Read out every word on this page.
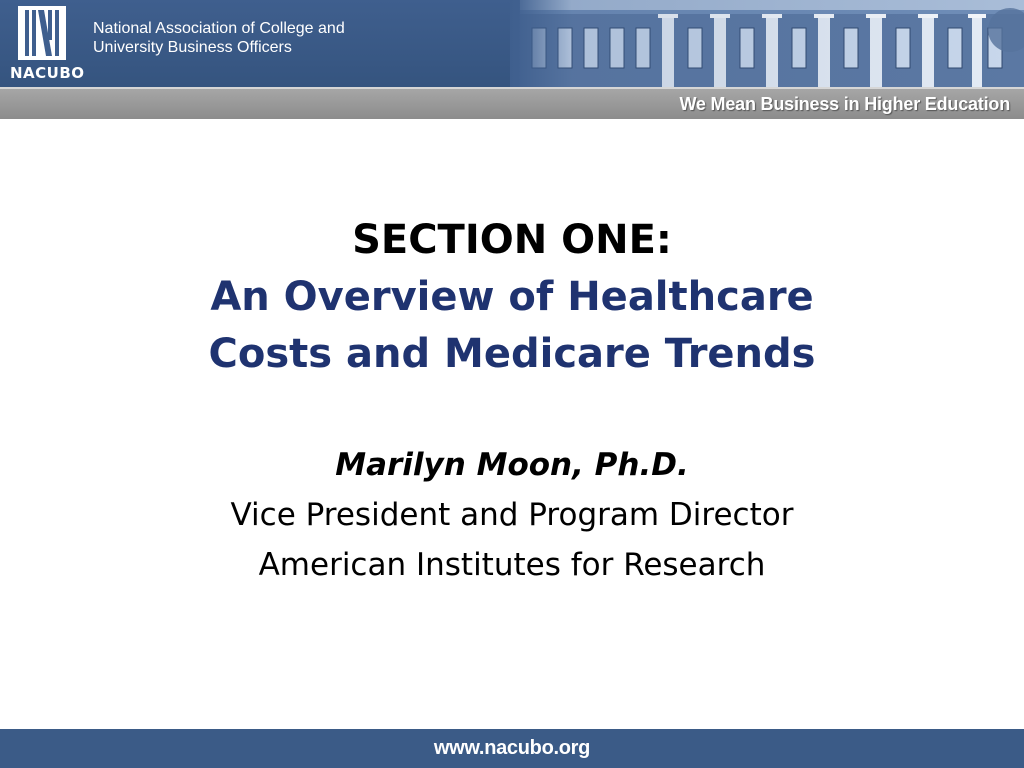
NACUBO
National Association of College and
University Business Officers
We Mean Business in Higher Education
SECTION ONE:
An Overview of Healthcare
Costs and Medicare Trends
Marilyn Moon, Ph.D.
Vice President and Program Director
American Institutes for Research
www.nacubo.org
